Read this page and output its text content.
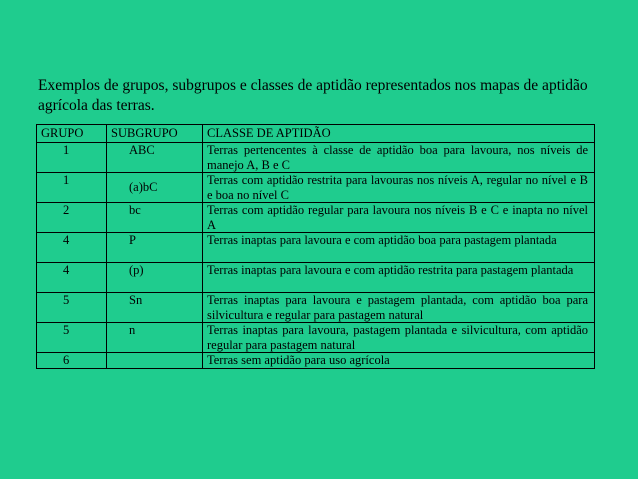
Exemplos de grupos, subgrupos e classes de aptidão representados nos mapas de aptidão agrícola das terras.

GRUPO	SUBGRUPO	CLASSE DE APTIDÃO
1	ABC	Terras pertencentes à classe de aptidão boa para lavoura, nos níveis de manejo A, B e C
1	(a)bC	Terras com aptidão restrita para lavouras nos níveis A, regular no nível e B e boa no nível C
2	bc	Terras com aptidão regular para lavoura nos níveis B e C e inapta no nível A
4	P	Terras inaptas para lavoura e com aptidão boa para pastagem plantada
4	(p)	Terras inaptas para lavoura e com aptidão restrita para pastagem plantada
5	Sn	Terras inaptas para lavoura e pastagem plantada, com aptidão boa para silvicultura e regular para pastagem natural
5	n	Terras inaptas para lavoura, pastagem plantada e silvicultura, com aptidão regular para pastagem natural
6		Terras sem aptidão para uso agrícola
